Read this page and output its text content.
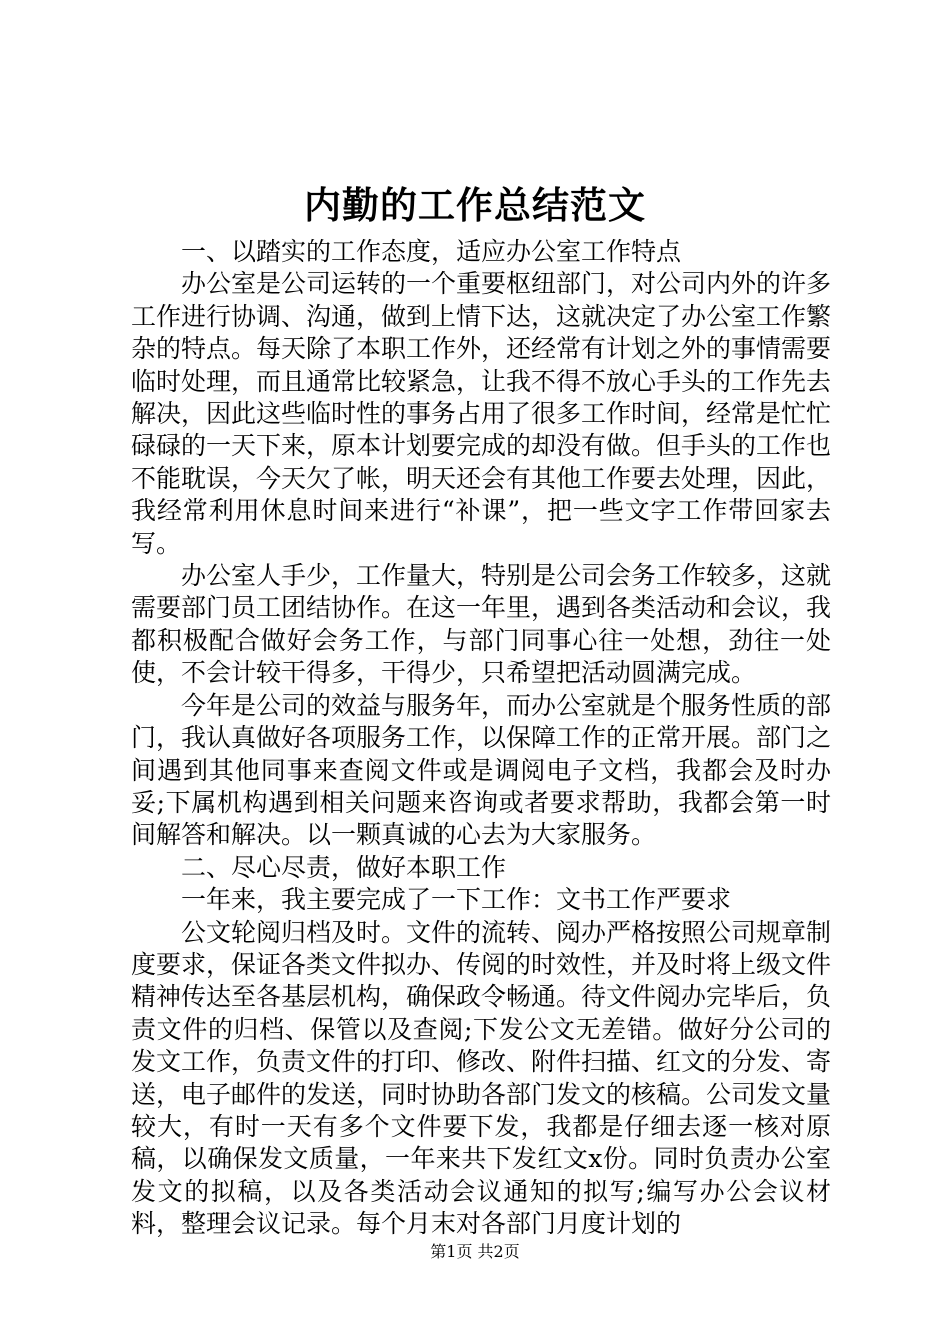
内勤的工作总结范文

一、以踏实的工作态度，适应办公室工作特点

办公室是公司运转的一个重要枢纽部门，对公司内外的许多工作进行协调、沟通，做到上情下达，这就决定了办公室工作繁杂的特点。每天除了本职工作外，还经常有计划之外的事情需要临时处理，而且通常比较紧急，让我不得不放心手头的工作先去解决，因此这些临时性的事务占用了很多工作时间，经常是忙忙碌碌的一天下来，原本计划要完成的却没有做。但手头的工作也不能耽误，今天欠了帐，明天还会有其他工作要去处理，因此，我经常利用休息时间来进行“补课”，把一些文字工作带回家去写。

办公室人手少，工作量大，特别是公司会务工作较多，这就需要部门员工团结协作。在这一年里，遇到各类活动和会议，我都积极配合做好会务工作，与部门同事心往一处想，劲往一处使，不会计较干得多，干得少，只希望把活动圆满完成。

今年是公司的效益与服务年，而办公室就是个服务性质的部门，我认真做好各项服务工作，以保障工作的正常开展。部门之间遇到其他同事来查阅文件或是调阅电子文档，我都会及时办妥;下属机构遇到相关问题来咨询或者要求帮助，我都会第一时间解答和解决。以一颗真诚的心去为大家服务。

二、尽心尽责，做好本职工作

一年来，我主要完成了一下工作：文书工作严要求

公文轮阅归档及时。文件的流转、阅办严格按照公司规章制度要求，保证各类文件拟办、传阅的时效性，并及时将上级文件精神传达至各基层机构，确保政令畅通。待文件阅办完毕后，负责文件的归档、保管以及查阅;下发公文无差错。做好分公司的发文工作，负责文件的打印、修改、附件扫描、红文的分发、寄送，电子邮件的发送，同时协助各部门发文的核稿。公司发文量较大，有时一天有多个文件要下发，我都是仔细去逐一核对原稿，以确保发文质量，一年来共下发红文x份。同时负责办公室发文的拟稿，以及各类活动会议通知的拟写;编写办公会议材料，整理会议记录。每个月末对各部门月度计划的

第1页 共2页
